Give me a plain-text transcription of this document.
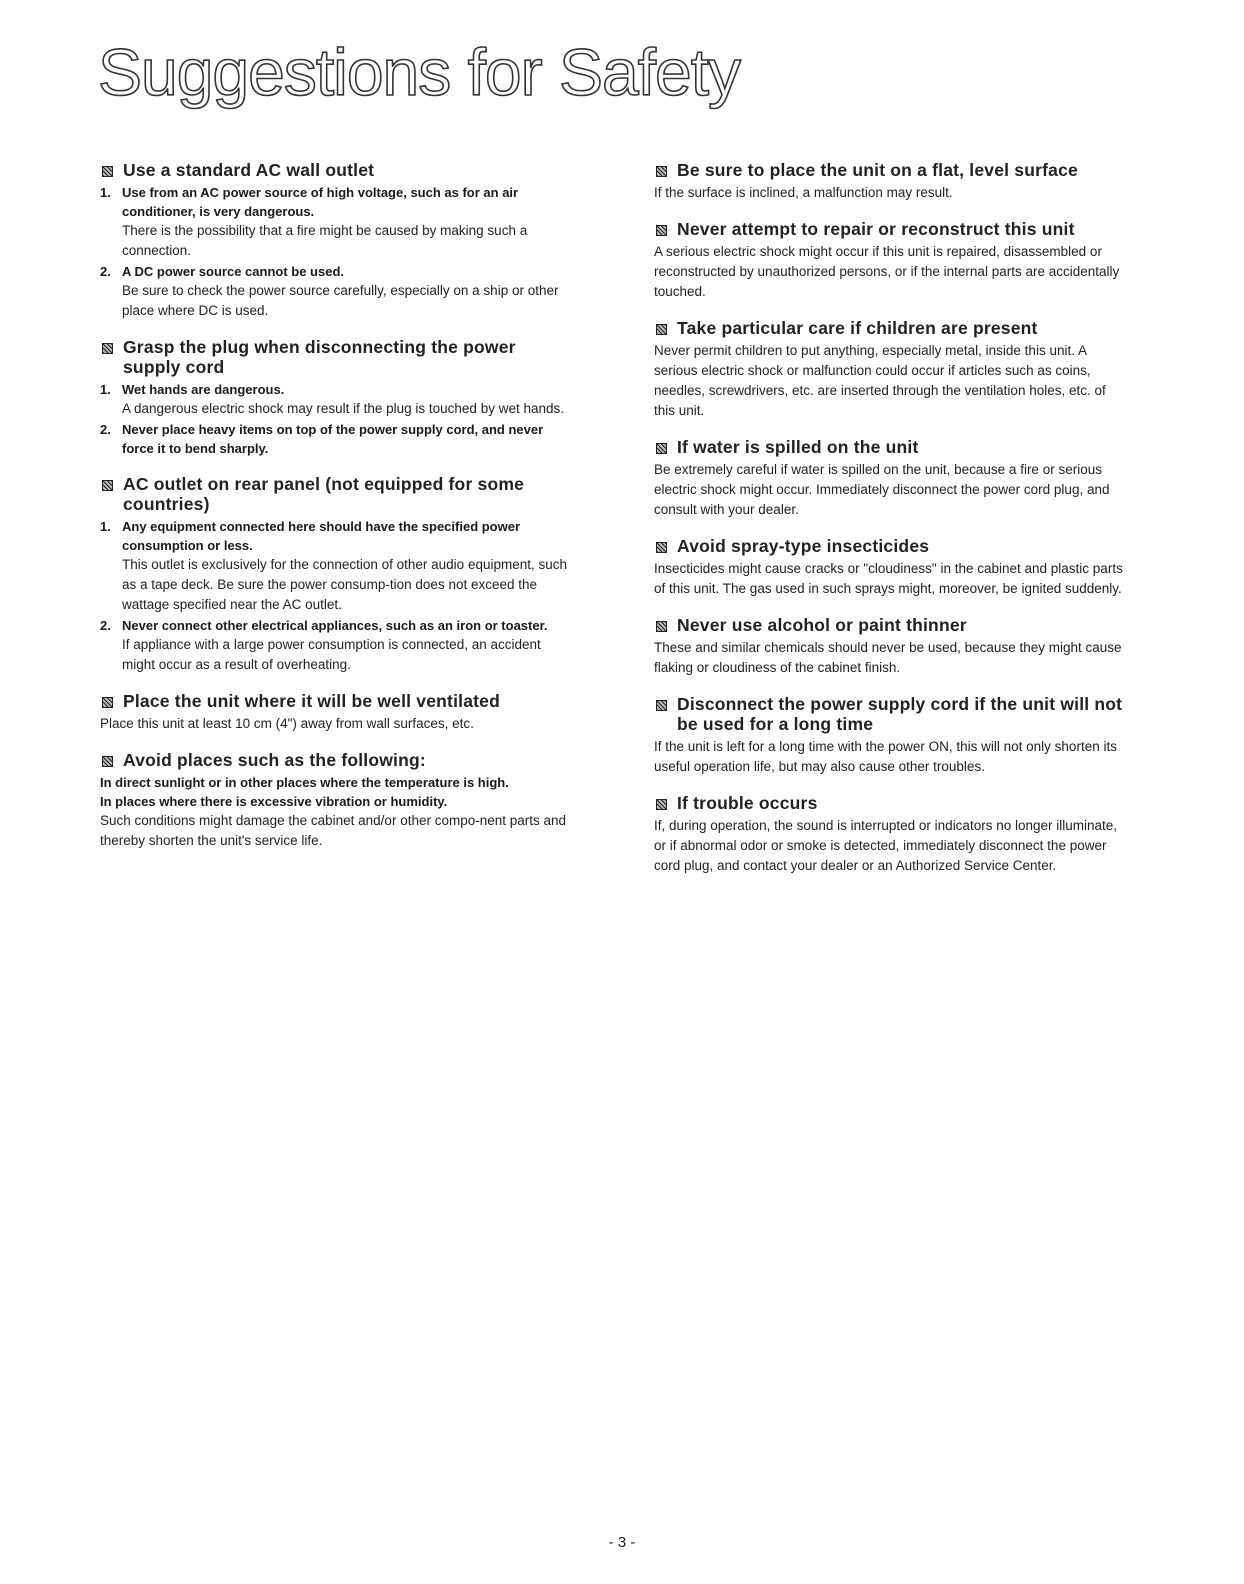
Suggestions for Safety
Use a standard AC wall outlet
1. Use from an AC power source of high voltage, such as for an air conditioner, is very dangerous.

There is the possibility that a fire might be caused by making such a connection.

2. A DC power source cannot be used.

Be sure to check the power source carefully, especially on a ship or other place where DC is used.

Grasp the plug when disconnecting the power supply cord
1. Wet hands are dangerous.

A dangerous electric shock may result if the plug is touched by wet hands.

2. Never place heavy items on top of the power supply cord, and never force it to bend sharply.

AC outlet on rear panel (not equipped for some countries)
1. Any equipment connected here should have the specified power consumption or less.

This outlet is exclusively for the connection of other audio equipment, such as a tape deck. Be sure the power consump-tion does not exceed the wattage specified near the AC outlet.

2. Never connect other electrical appliances, such as an iron or toaster.

If appliance with a large power consumption is connected, an accident might occur as a result of overheating.

Place the unit where it will be well ventilated

Place this unit at least 10 cm (4") away from wall surfaces, etc.

Avoid places such as the following:

In direct sunlight or in other places where the temperature is high.

In places where there is excessive vibration or humidity.

Such conditions might damage the cabinet and/or other compo-nent parts and thereby shorten the unit's service life.

Be sure to place the unit on a flat, level surface

If the surface is inclined, a malfunction may result.

Never attempt to repair or reconstruct this unit

A serious electric shock might occur if this unit is repaired, disassembled or reconstructed by unauthorized persons, or if the internal parts are accidentally touched.

Take particular care if children are present

Never permit children to put anything, especially metal, inside this unit. A serious electric shock or malfunction could occur if articles such as coins, needles, screwdrivers, etc. are inserted through the ventilation holes, etc. of this unit.

If water is spilled on the unit

Be extremely careful if water is spilled on the unit, because a fire or serious electric shock might occur. Immediately disconnect the power cord plug, and consult with your dealer.

Avoid spray-type insecticides

Insecticides might cause cracks or "cloudiness" in the cabinet and plastic parts of this unit. The gas used in such sprays might, moreover, be ignited suddenly.

Never use alcohol or paint thinner

These and similar chemicals should never be used, because they might cause flaking or cloudiness of the cabinet finish.

Disconnect the power supply cord if the unit will not be used for a long time

If the unit is left for a long time with the power ON, this will not only shorten its useful operation life, but may also cause other troubles.

If trouble occurs

If, during operation, the sound is interrupted or indicators no longer illuminate, or if abnormal odor or smoke is detected, immediately disconnect the power cord plug, and contact your dealer or an Authorized Service Center.

- 3 -
